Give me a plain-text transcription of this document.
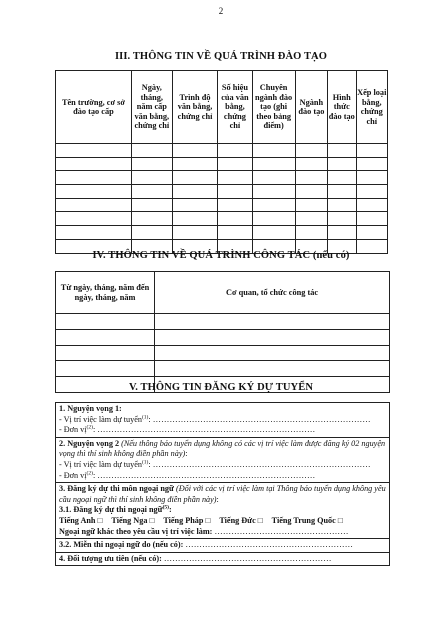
2
III. THÔNG TIN VỀ QUÁ TRÌNH ĐÀO TẠO
Tên trường, cơ sở đào tạo cấp	Ngày, tháng, năm cấp văn bằng, chứng chỉ	Trình độ văn bằng, chứng chỉ	Số hiệu của văn bằng, chứng chỉ	Chuyên ngành đào tạo (ghi theo bảng điểm)	Ngành đào tạo	Hình thức đào tạo	Xếp loại bằng, chứng chỉ

IV. THÔNG TIN VỀ QUÁ TRÌNH CÔNG TÁC (nếu có)
Từ ngày, tháng, năm đến ngày, tháng, năm	Cơ quan, tổ chức công tác

V. THÔNG TIN ĐĂNG KÝ DỰ TUYỂN
1. Nguyện vọng 1:
- Vị trí việc làm dự tuyển$^{(1)}$: ……………………………………………………………………
- Đơn vị$^{(2)}$: ……………………………………………………………………
2. Nguyện vọng 2 (Nếu thông báo tuyển dụng không có các vị trí việc làm được đăng ký 02 nguyện vọng thì thí sinh không điền phần này):
- Vị trí việc làm dự tuyển$^{(1)}$: ……………………………………………………………………
- Đơn vị$^{(2)}$: ……………………………………………………………………
3. Đăng ký dự thi môn ngoại ngữ (Đối với các vị trí việc làm tại Thông báo tuyển dụng không yêu cầu ngoại ngữ thì thí sinh không điền phần này):
3.1. Đăng ký dự thi ngoại ngữ$^{(5)}$:
Tiếng Anh □ Tiếng Nga □ Tiếng Pháp □ Tiếng Đức □ Tiếng Trung Quốc □
Ngoại ngữ khác theo yêu cầu vị trí việc làm: …………………………………………
3.2. Miễn thi ngoại ngữ do (nếu có): ……………………………………………………
4. Đối tượng ưu tiên (nếu có): ……………………………………………………
